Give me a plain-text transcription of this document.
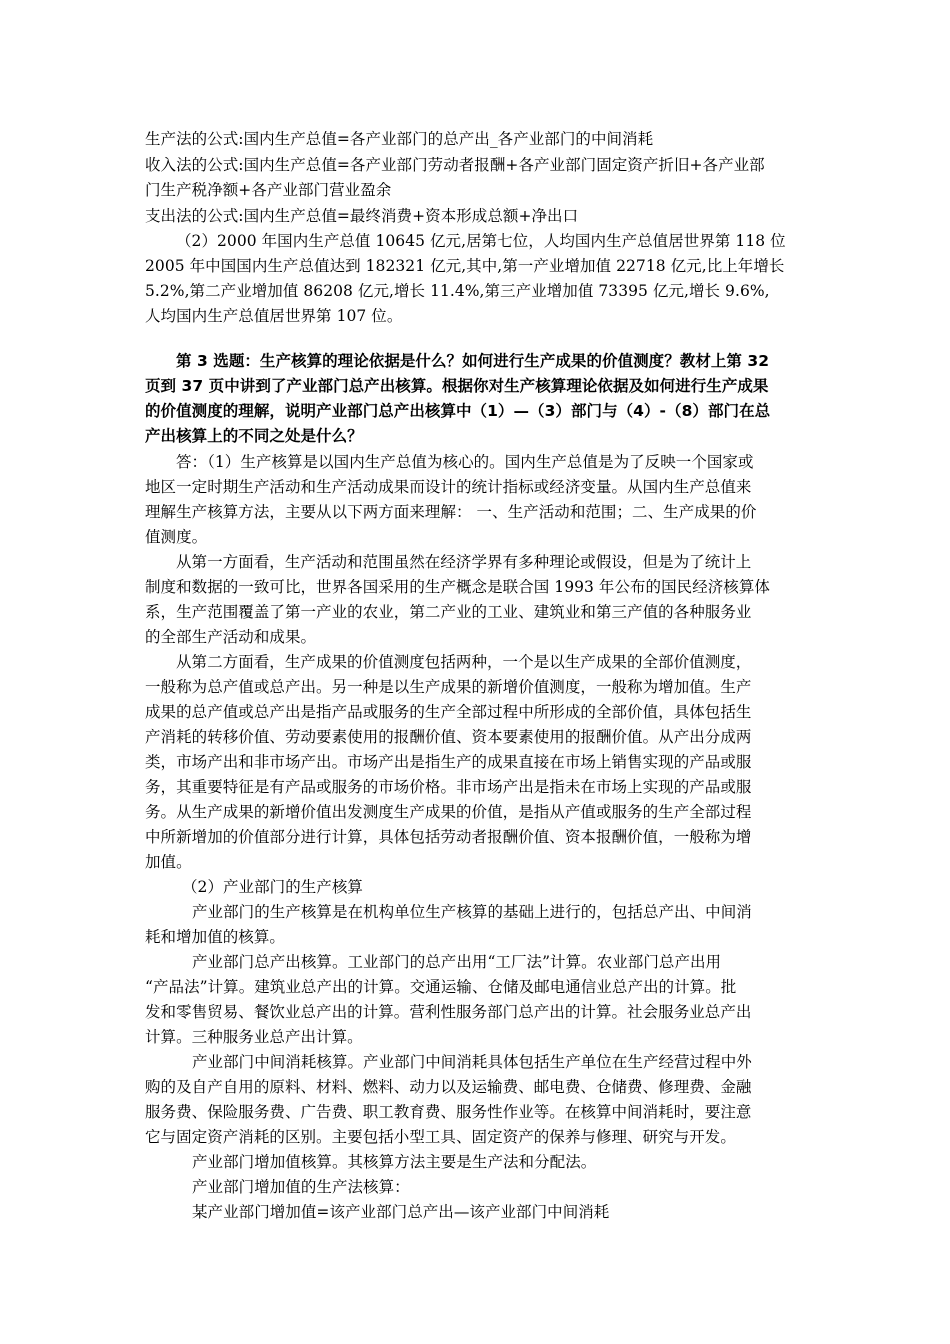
生产法的公式:国内生产总值=各产业部门的总产出_各产业部门的中间消耗
收入法的公式:国内生产总值=各产业部门劳动者报酬+各产业部门固定资产折旧+各产业部
门生产税净额+各产业部门营业盈余
支出法的公式:国内生产总值=最终消费+资本形成总额+净出口
（2）2000 年国内生产总值 10645 亿元,居第七位，人均国内生产总值居世界第 118 位
2005 年中国国内生产总值达到 182321 亿元,其中,第一产业增加值 22718 亿元,比上年增长
5.2%,第二产业增加值 86208 亿元,增长 11.4%,第三产业增加值 73395 亿元,增长 9.6%,
人均国内生产总值居世界第 107 位。
第 3 选题：生产核算的理论依据是什么？如何进行生产成果的价值测度？教材上第 32
页到 37 页中讲到了产业部门总产出核算。根据你对生产核算理论依据及如何进行生产成果
的价值测度的理解，说明产业部门总产出核算中（1）—（3）部门与（4）-（8）部门在总
产出核算上的不同之处是什么？
答：（1）生产核算是以国内生产总值为核心的。国内生产总值是为了反映一个国家或
地区一定时期生产活动和生产活动成果而设计的统计指标或经济变量。从国内生产总值来
理解生产核算方法，主要从以下两方面来理解： 一、生产活动和范围；二、生产成果的价
值测度。
从第一方面看，生产活动和范围虽然在经济学界有多种理论或假设，但是为了统计上
制度和数据的一致可比，世界各国采用的生产概念是联合国 1993 年公布的国民经济核算体
系，生产范围覆盖了第一产业的农业，第二产业的工业、建筑业和第三产值的各种服务业
的全部生产活动和成果。
从第二方面看，生产成果的价值测度包括两种，一个是以生产成果的全部价值测度，
一般称为总产值或总产出。另一种是以生产成果的新增价值测度，一般称为增加值。生产
成果的总产值或总产出是指产品或服务的生产全部过程中所形成的全部价值，具体包括生
产消耗的转移价值、劳动要素使用的报酬价值、资本要素使用的报酬价值。从产出分成两
类，市场产出和非市场产出。市场产出是指生产的成果直接在市场上销售实现的产品或服
务，其重要特征是有产品或服务的市场价格。非市场产出是指未在市场上实现的产品或服
务。从生产成果的新增价值出发测度生产成果的价值，是指从产值或服务的生产全部过程
中所新增加的价值部分进行计算，具体包括劳动者报酬价值、资本报酬价值，一般称为增
加值。
（2）产业部门的生产核算
产业部门的生产核算是在机构单位生产核算的基础上进行的，包括总产出、中间消
耗和增加值的核算。
产业部门总产出核算。工业部门的总产出用“工厂法”计算。农业部门总产出用
“产品法”计算。建筑业总产出的计算。交通运输、仓储及邮电通信业总产出的计算。批
发和零售贸易、餐饮业总产出的计算。营利性服务部门总产出的计算。社会服务业总产出
计算。三种服务业总产出计算。
产业部门中间消耗核算。产业部门中间消耗具体包括生产单位在生产经营过程中外
购的及自产自用的原料、材料、燃料、动力以及运输费、邮电费、仓储费、修理费、金融
服务费、保险服务费、广告费、职工教育费、服务性作业等。在核算中间消耗时，要注意
它与固定资产消耗的区别。主要包括小型工具、固定资产的保养与修理、研究与开发。
产业部门增加值核算。其核算方法主要是生产法和分配法。
产业部门增加值的生产法核算：
某产业部门增加值=该产业部门总产出—该产业部门中间消耗
